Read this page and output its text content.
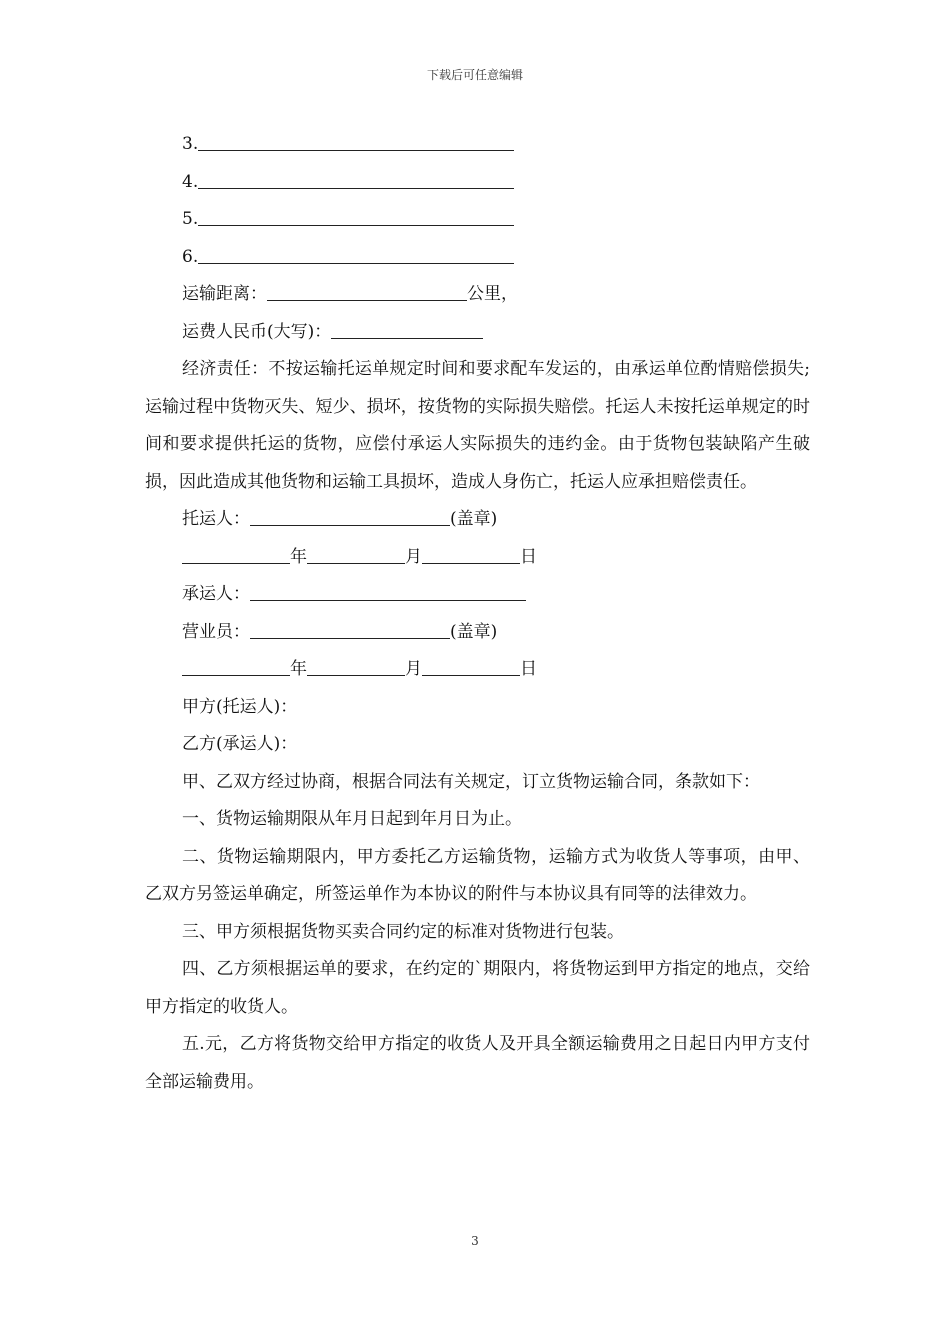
下载后可任意编辑
3.
4.
5.
6.
运输距离：	公里，
运费人民币(大写)：
经济责任：不按运输托运单规定时间和要求配车发运的，由承运单位酌情赔偿损失;运输过程中货物灭失、短少、损坏，按货物的实际损失赔偿。托运人未按托运单规定的时间和要求提供托运的货物，应偿付承运人实际损失的违约金。由于货物包装缺陷产生破损，因此造成其他货物和运输工具损坏，造成人身伤亡，托运人应承担赔偿责任。
托运人：	(盖章)
年	月	日
承运人：
营业员：	(盖章)
年	月	日
甲方(托运人)：
乙方(承运人)：
甲、乙双方经过协商，根据合同法有关规定，订立货物运输合同，条款如下：
一、货物运输期限从年月日起到年月日为止。
二、货物运输期限内，甲方委托乙方运输货物，运输方式为收货人等事项，由甲、乙双方另签运单确定，所签运单作为本协议的附件与本协议具有同等的法律效力。
三、甲方须根据货物买卖合同约定的标准对货物进行包装。
四、乙方须根据运单的要求，在约定的`期限内，将货物运到甲方指定的地点，交给甲方指定的收货人。
五.元，乙方将货物交给甲方指定的收货人及开具全额运输费用之日起日内甲方支付全部运输费用。
3
